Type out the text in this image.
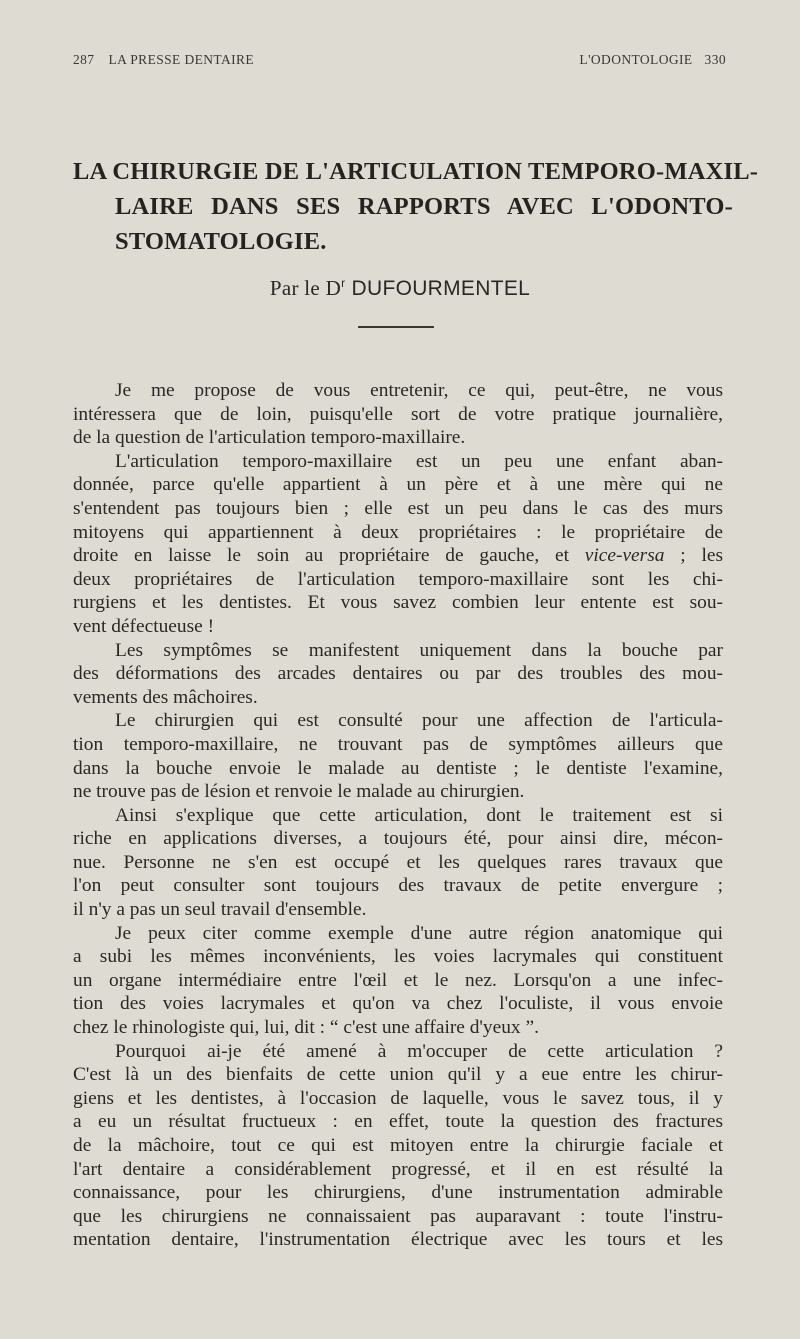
287 LA PRESSE DENTAIRE	L'ODONTOLOGIE 330
LA CHIRURGIE DE L'ARTICULATION TEMPORO-MAXIL-
LAIRE DANS SES RAPPORTS AVEC L'ODONTO-
STOMATOLOGIE.
Par le $D^r$ DUFOURMENTEL
Je me propose de vous entretenir, ce qui, peut-être, ne vous
intéressera que de loin, puisqu'elle sort de votre pratique journalière,
de la question de l'articulation temporo-maxillaire.
L'articulation temporo-maxillaire est un peu une enfant aban-
donnée, parce qu'elle appartient à un père et à une mère qui ne
s'entendent pas toujours bien ; elle est un peu dans le cas des murs
mitoyens qui appartiennent à deux propriétaires : le propriétaire de
droite en laisse le soin au propriétaire de gauche, et vice-versa ; les
deux propriétaires de l'articulation temporo-maxillaire sont les chi-
rurgiens et les dentistes. Et vous savez combien leur entente est sou-
vent défectueuse !
Les symptômes se manifestent uniquement dans la bouche par
des déformations des arcades dentaires ou par des troubles des mou-
vements des mâchoires.
Le chirurgien qui est consulté pour une affection de l'articula-
tion temporo-maxillaire, ne trouvant pas de symptômes ailleurs que
dans la bouche envoie le malade au dentiste ; le dentiste l'examine,
ne trouve pas de lésion et renvoie le malade au chirurgien.
Ainsi s'explique que cette articulation, dont le traitement est si
riche en applications diverses, a toujours été, pour ainsi dire, mécon-
nue. Personne ne s'en est occupé et les quelques rares travaux que
l'on peut consulter sont toujours des travaux de petite envergure ;
il n'y a pas un seul travail d'ensemble.
Je peux citer comme exemple d'une autre région anatomique qui
a subi les mêmes inconvénients, les voies lacrymales qui constituent
un organe intermédiaire entre l'œil et le nez. Lorsqu'on a une infec-
tion des voies lacrymales et qu'on va chez l'oculiste, il vous envoie
chez le rhinologiste qui, lui, dit : “ c'est une affaire d'yeux ”.
Pourquoi ai-je été amené à m'occuper de cette articulation ?
C'est là un des bienfaits de cette union qu'il y a eue entre les chirur-
giens et les dentistes, à l'occasion de laquelle, vous le savez tous, il y
a eu un résultat fructueux : en effet, toute la question des fractures
de la mâchoire, tout ce qui est mitoyen entre la chirurgie faciale et
l'art dentaire a considérablement progressé, et il en est résulté la
connaissance, pour les chirurgiens, d'une instrumentation admirable
que les chirurgiens ne connaissaient pas auparavant : toute l'instru-
mentation dentaire, l'instrumentation électrique avec les tours et les
